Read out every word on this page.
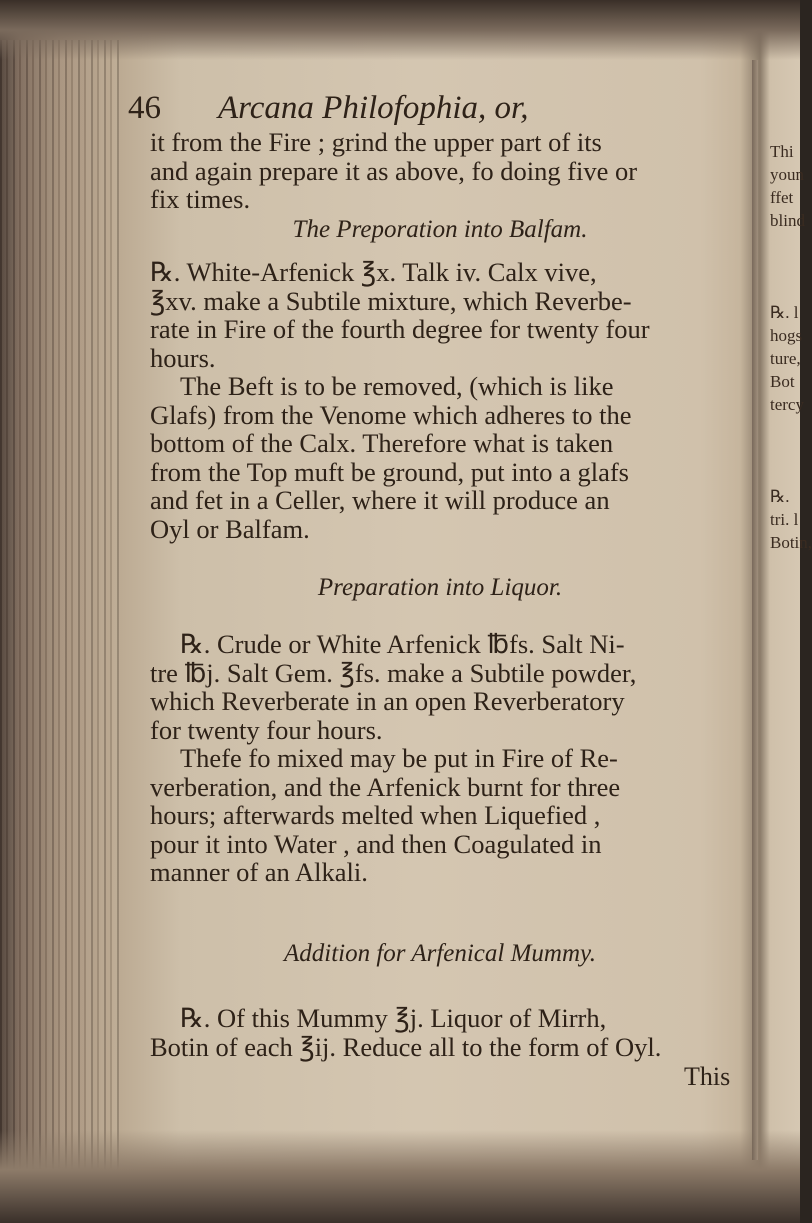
46 Arcana Philofophia, or,
it from the Fire ; grind the upper part of its
and again prepare it as above, fo doing five or
fix times.
The Preporation into Balfam.
℞. White-Arfenick ℥x. Talk iv. Calx vive,
℥xv. make a Subtile mixture, which Reverbe-
rate in Fire of the fourth degree for twenty four
hours.
The Beft is to be removed, (which is like
Glafs) from the Venome which adheres to the
bottom of the Calx. Therefore what is taken
from the Top muft be ground, put into a glafs
and fet in a Celler, where it will produce an
Oyl or Balfam.
Preparation into Liquor.
℞. Crude or White Arfenick ℔fs. Salt Ni-
tre ℔j. Salt Gem. ℥fs. make a Subtile powder,
which Reverberate in an open Reverberatory
for twenty four hours.
Thefe fo mixed may be put in Fire of Re-
verberation, and the Arfenick burnt for three
hours; afterwards melted when Liquefied ,
pour it into Water , and then Coagulated in
manner of an Alkali.
Addition for Arfenical Mummy.
℞. Of this Mummy ℥j. Liquor of Mirrh,
Botin of each ℥ij. Reduce all to the form of Oyl.
This
Thi
youn
ffet
blind
℞. l
hogs
ture,
Bot
tercy
℞.
tri. l
Botin,
